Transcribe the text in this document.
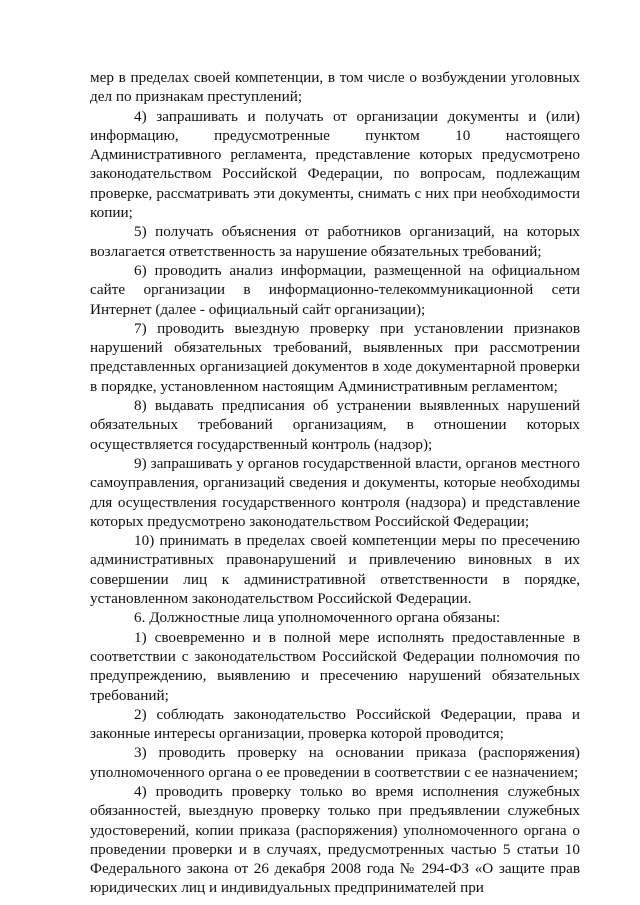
мер в пределах своей компетенции, в том числе о возбуждении уголовных дел по признакам преступлений;

4) запрашивать и получать от организации документы и (или) информацию, предусмотренные пунктом 10 настоящего Административного регламента, представление которых предусмотрено законодательством Российской Федерации, по вопросам, подлежащим проверке, рассматривать эти документы, снимать с них при необходимости копии;

5) получать объяснения от работников организаций, на которых возлагается ответственность за нарушение обязательных требований;

6) проводить анализ информации, размещенной на официальном сайте организации в информационно-телекоммуникационной сети Интернет (далее - официальный сайт организации);

7) проводить выездную проверку при установлении признаков нарушений обязательных требований, выявленных при рассмотрении представленных организацией документов в ходе документарной проверки в порядке, установленном настоящим Административным регламентом;

8) выдавать предписания об устранении выявленных нарушений обязательных требований организациям, в отношении которых осуществляется государственный контроль (надзор);

9) запрашивать у органов государственной власти, органов местного самоуправления, организаций сведения и документы, которые необходимы для осуществления государственного контроля (надзора) и представление которых предусмотрено законодательством Российской Федерации;

10) принимать в пределах своей компетенции меры по пресечению административных правонарушений и привлечению виновных в их совершении лиц к административной ответственности в порядке, установленном законодательством Российской Федерации.

6. Должностные лица уполномоченного органа обязаны:

1) своевременно и в полной мере исполнять предоставленные в соответствии с законодательством Российской Федерации полномочия по предупреждению, выявлению и пресечению нарушений обязательных требований;

2) соблюдать законодательство Российской Федерации, права и законные интересы организации, проверка которой проводится;

3) проводить проверку на основании приказа (распоряжения) уполномоченного органа о ее проведении в соответствии с ее назначением;

4) проводить проверку только во время исполнения служебных обязанностей, выездную проверку только при предъявлении служебных удостоверений, копии приказа (распоряжения) уполномоченного органа о проведении проверки и в случаях, предусмотренных частью 5 статьи 10 Федерального закона от 26 декабря 2008 года № 294-ФЗ «О защите прав юридических лиц и индивидуальных предпринимателей при
